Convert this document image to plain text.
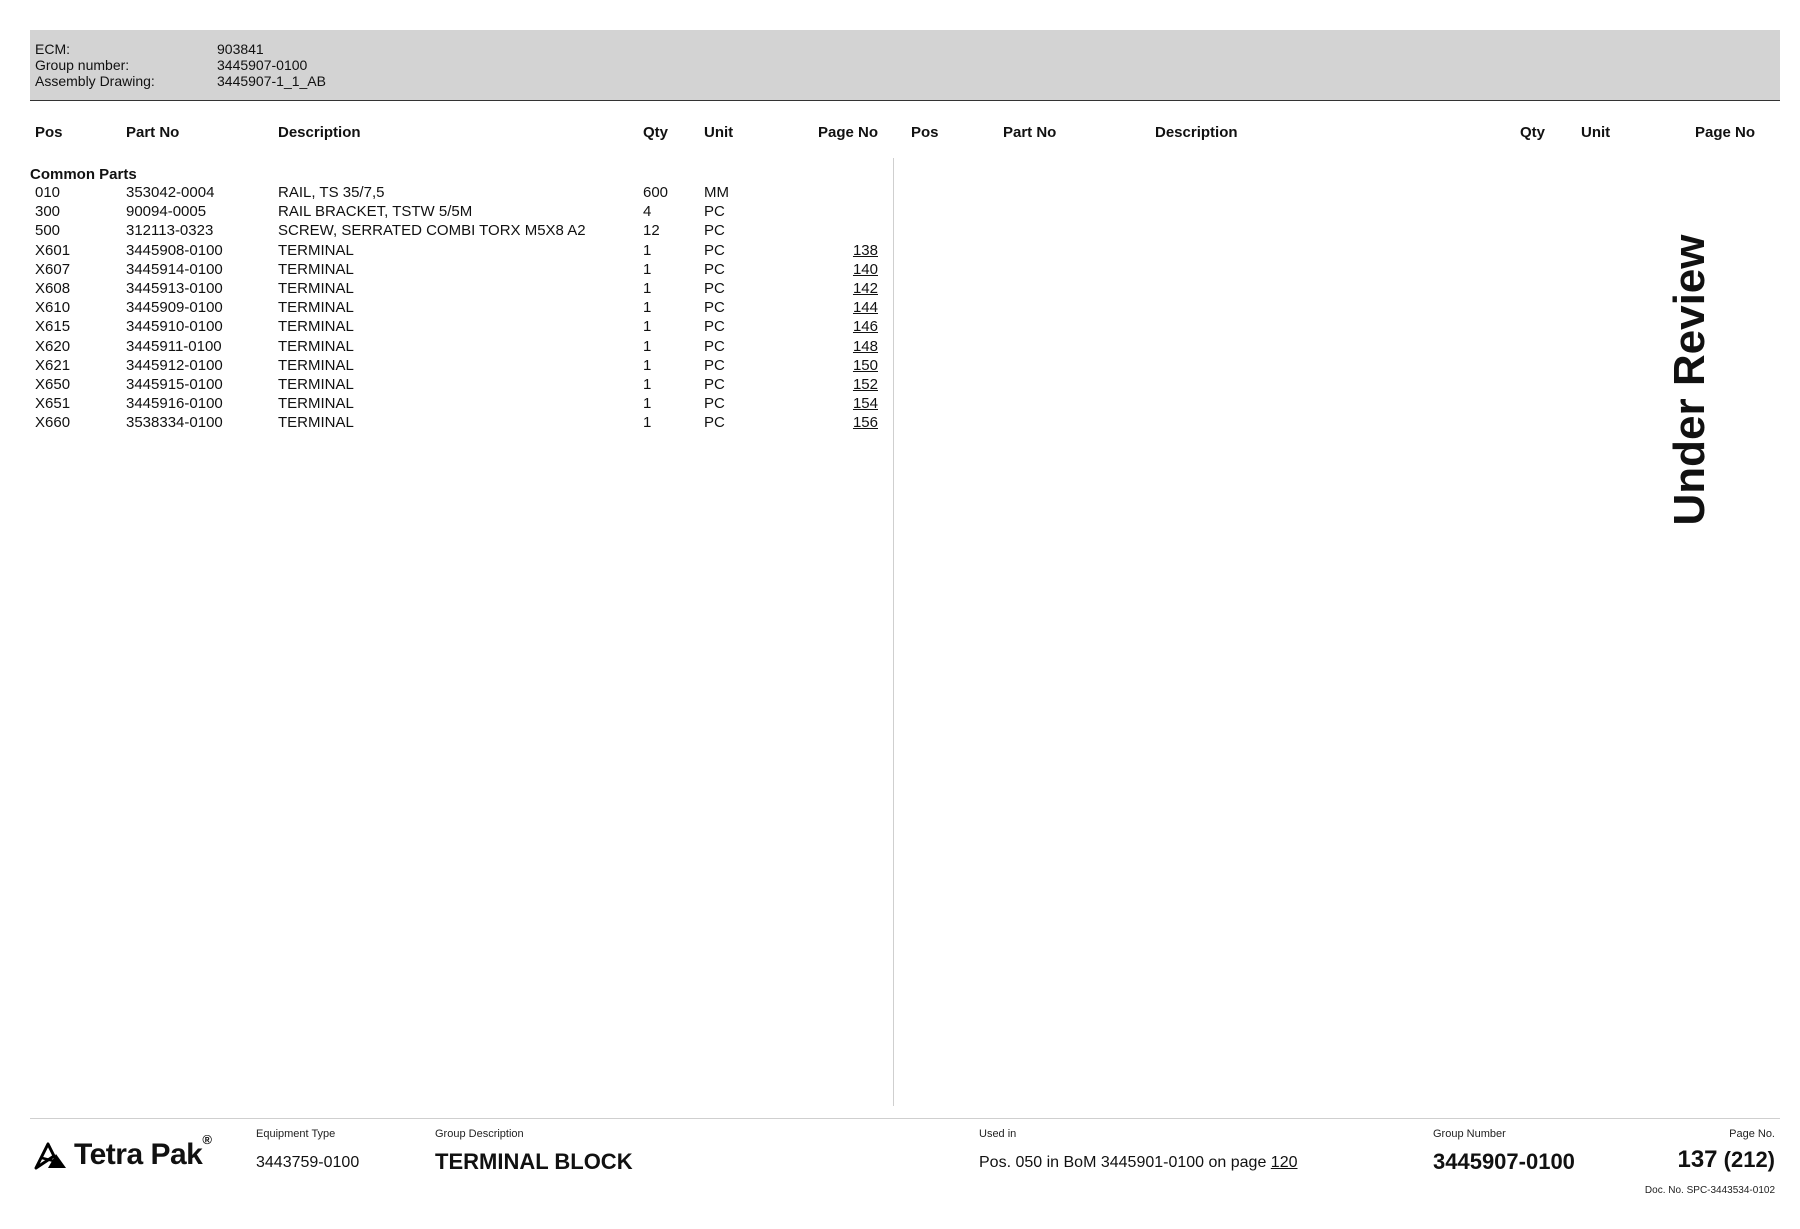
ECM:	903841
Group number:	3445907-0100
Assembly Drawing:	3445907-1_1_AB
Pos	Part No	Description	Qty Unit	Page No Pos	Part No	Description	Qty Unit	Page No
Common Parts
010	353042-0004	RAIL, TS 35/7,5	600 MM
300	90094-0005	RAIL BRACKET, TSTW 5/5M	4	PC
500	312113-0323	SCREW, SERRATED COMBI TORX M5X8 A2	12	PC
X601	3445908-0100	TERMINAL	1	PC	138
X607	3445914-0100	TERMINAL	1	PC	140
X608	3445913-0100	TERMINAL	1	PC	142
X610	3445909-0100	TERMINAL	1	PC	144
X615	3445910-0100	TERMINAL	1	PC	146
X620	3445911-0100	TERMINAL	1	PC	148
X621	3445912-0100	TERMINAL	1	PC	150
X650	3445915-0100	TERMINAL	1	PC	152
X651	3445916-0100	TERMINAL	1	PC	154
X660	3538334-0100	TERMINAL	1	PC	156	Under Review
Tetra Pak®	Equipment Type
3443759-0100
Group Description
TERMINAL BLOCK
Used in
Pos. 050 in BoM 3445901-0100 on page 120
Group Number
3445907-0100
Page No.
137 (212)
Doc. No. SPC-3443534-0102
